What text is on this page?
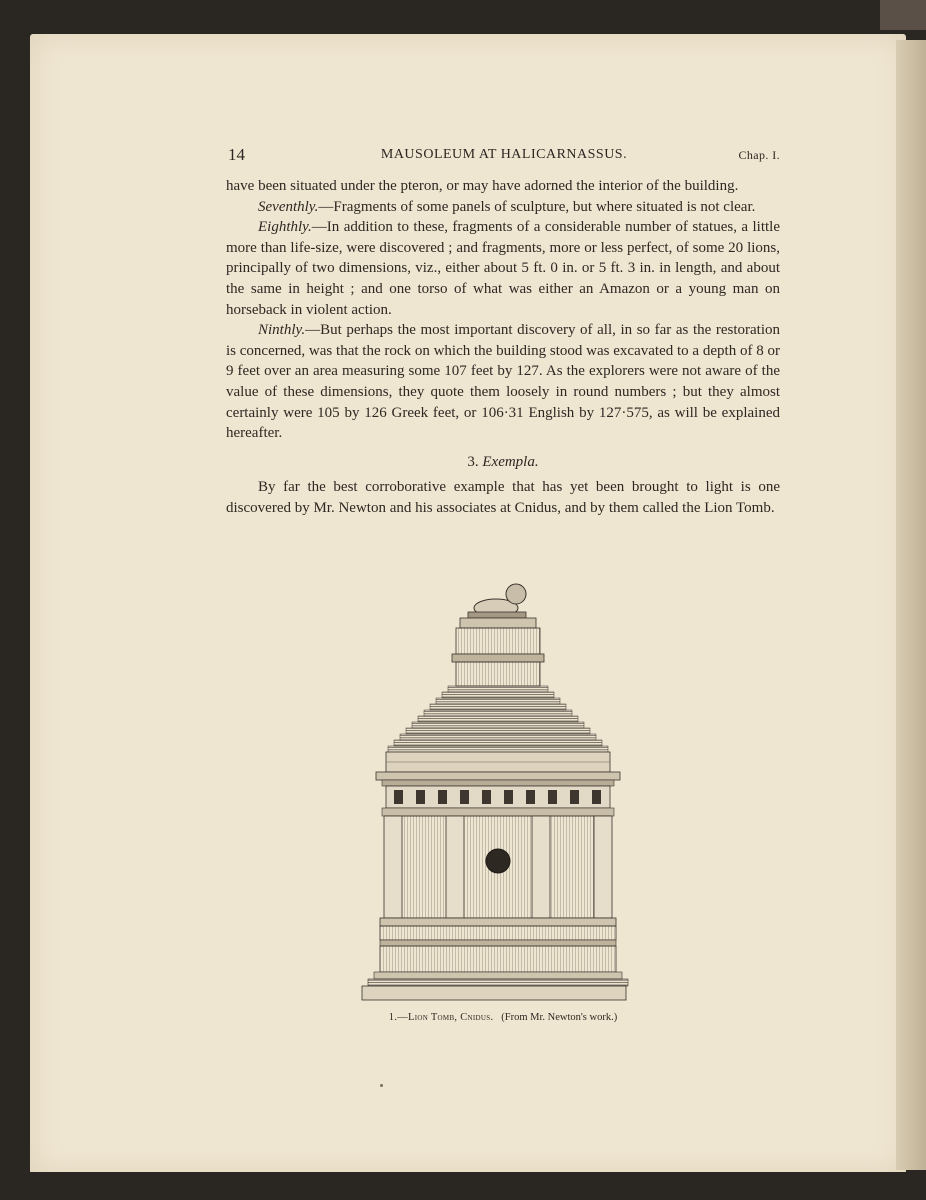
14	MAUSOLEUM AT HALICARNASSUS.	Chap. I.

have been situated under the pteron, or may have adorned the interior of the building.

Seventhly.—Fragments of some panels of sculpture, but where situated is not clear.

Eighthly.—In addition to these, fragments of a considerable number of statues, a little more than life-size, were discovered ; and fragments, more or less perfect, of some 20 lions, principally of two dimensions, viz., either about 5 ft. 0 in. or 5 ft. 3 in. in length, and about the same in height ; and one torso of what was either an Amazon or a young man on horseback in violent action.

Ninthly.—But perhaps the most important discovery of all, in so far as the restoration is concerned, was that the rock on which the building stood was excavated to a depth of 8 or 9 feet over an area measuring some 107 feet by 127. As the explorers were not aware of the value of these dimensions, they quote them loosely in round numbers ; but they almost certainly were 105 by 126 Greek feet, or 106·31 English by 127·575, as will be explained hereafter.

3. Exempla.

By far the best corroborative example that has yet been brought to light is one discovered by Mr. Newton and his associates at Cnidus, and by them called the Lion Tomb.

1.—Lion Tomb, Cnidus. (From Mr. Newton's work.)
